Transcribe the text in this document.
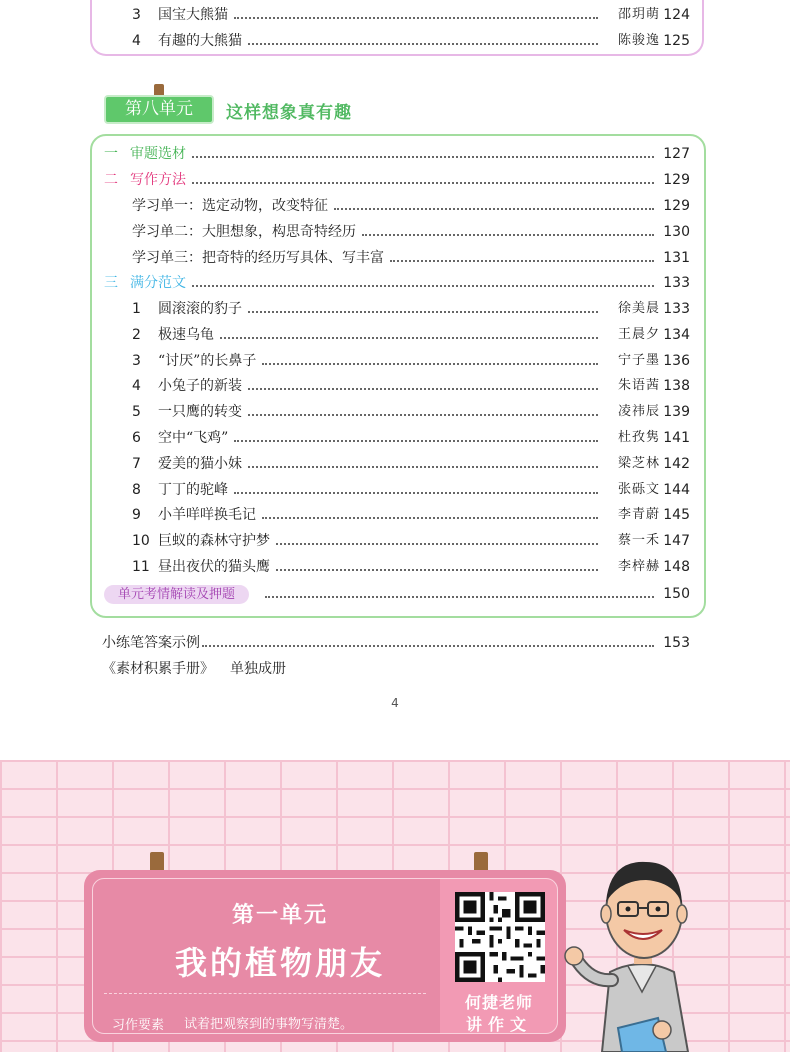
3	国宝大熊猫	邵玥萌 124
4	有趣的大熊猫	陈骏逸 125
第八单元	这样想象真有趣
一 审题选材	127
二 写作方法	129
学习单一： 选定动物，改变特征	129
学习单二： 大胆想象，构思奇特经历	130
学习单三： 把奇特的经历写具体、写丰富	131
三 满分范文	133
1	圆滚滚的豹子	徐美晨 133
2	极速乌龟	王晨夕 134
3	“讨厌”的长鼻子	宁子墨 136
4	小兔子的新装	朱语茜 138
5	一只鹰的转变	凌祎辰 139
6	空中“飞鸡”	杜孜隽 141
7	爱美的猫小妹	梁芝林 142
8	丁丁的驼峰	张砾文 144
9	小羊咩咩换毛记	李青蔚 145
10 巨蚁的森林守护梦	蔡一禾 147
11 昼出夜伏的猫头鹰	李梓赫 148
单元考情解读及押题	150
小练笔答案示例	153
《素材积累手册》 单独成册
4
第一单元
我的植物朋友
习作要素 试着把观察到的事物写清楚。
何捷老师
讲作文
